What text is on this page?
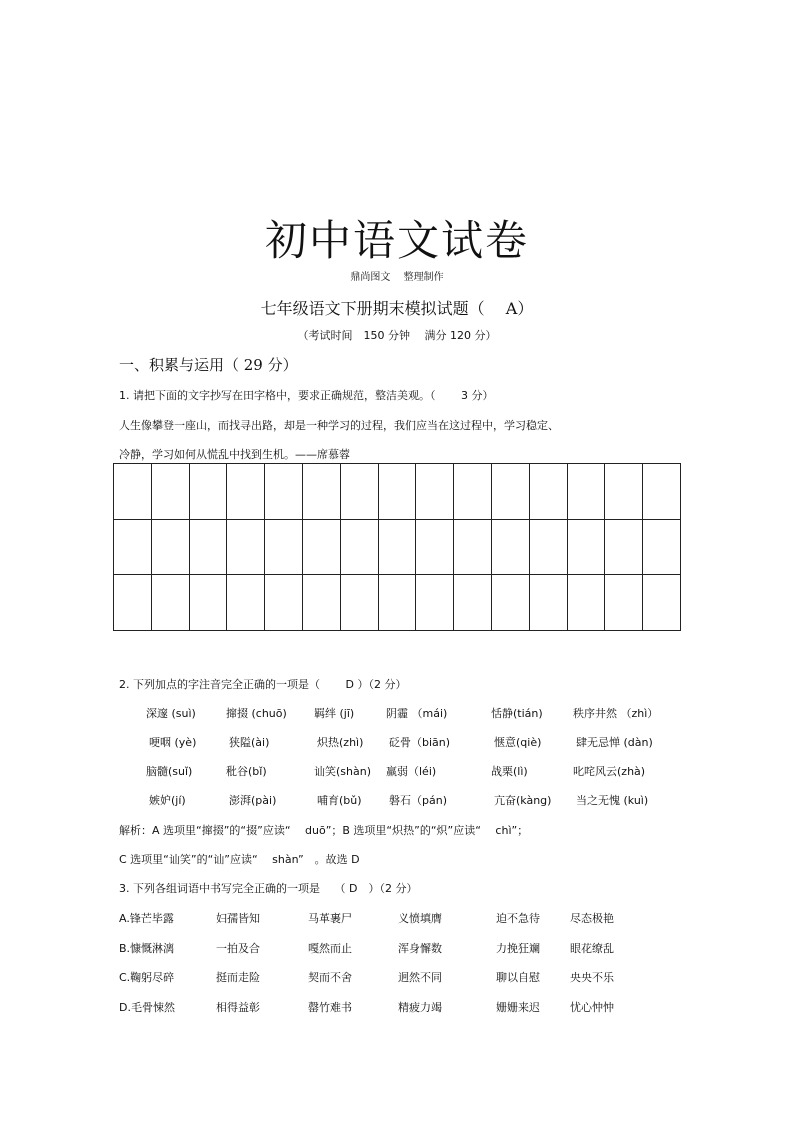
初中语文试卷
鼎尚图文　 整理制作
七年级语文下册期末模拟试题（　 A）
（考试时间　150 分钟　 满分 120 分）
一、积累与运用（ 29 分）
1. 请把下面的文字抄写在田字格中，要求正确规范，整洁美观。（　　 3 分）
人生像攀登一座山，而找寻出路，却是一种学习的过程，我们应当在这过程中，学习稳定、
冷静，学习如何从慌乱中找到生机。——席慕蓉
2. 下列加点的字注音完全正确的一项是（　　 D ）（2 分）
深邃 (suì)	撺掇 (chuō) 羁绊 (jī)	阴霾 （mái)	恬静(tián)	秩序井然 （zhì）
哽咽 (yè)	狭隘(ài)	炽热(zhì) 砭骨（biān)	惬意(qiè)	肆无忌惮 (dàn)
脑髓(suǐ)	秕谷(bǐ)	讪笑(shàn) 羸弱（léi)	战栗(lì)	叱咤风云(zhà)
嫉妒(jí)	澎湃(pài)	哺育(bǔ) 磐石（pán)	亢奋(kàng) 当之无愧 (kuì)
解析：A 选项里“撺掇”的“掇”应读“　 duō”；B 选项里“炽热”的“炽”应读“　 chì”；
C 选项里“讪笑”的“讪”应读“　 shàn”　。故选 D
3. 下列各组词语中书写完全正确的一项是　 （ D　）（2 分）
A.锋芒毕露	妇孺皆知	马革裹尸	义愤填膺	迫不急待	尽态极艳
B.慷慨淋漓	一拍及合	嘎然而止	浑身懈数	力挽狂斓	眼花缭乱
C.鞠躬尽碎	挺而走险	契而不舍	迥然不同	聊以自慰	央央不乐
D.毛骨悚然	相得益彰	罄竹难书	精疲力竭	姗姗来迟	忧心忡忡
